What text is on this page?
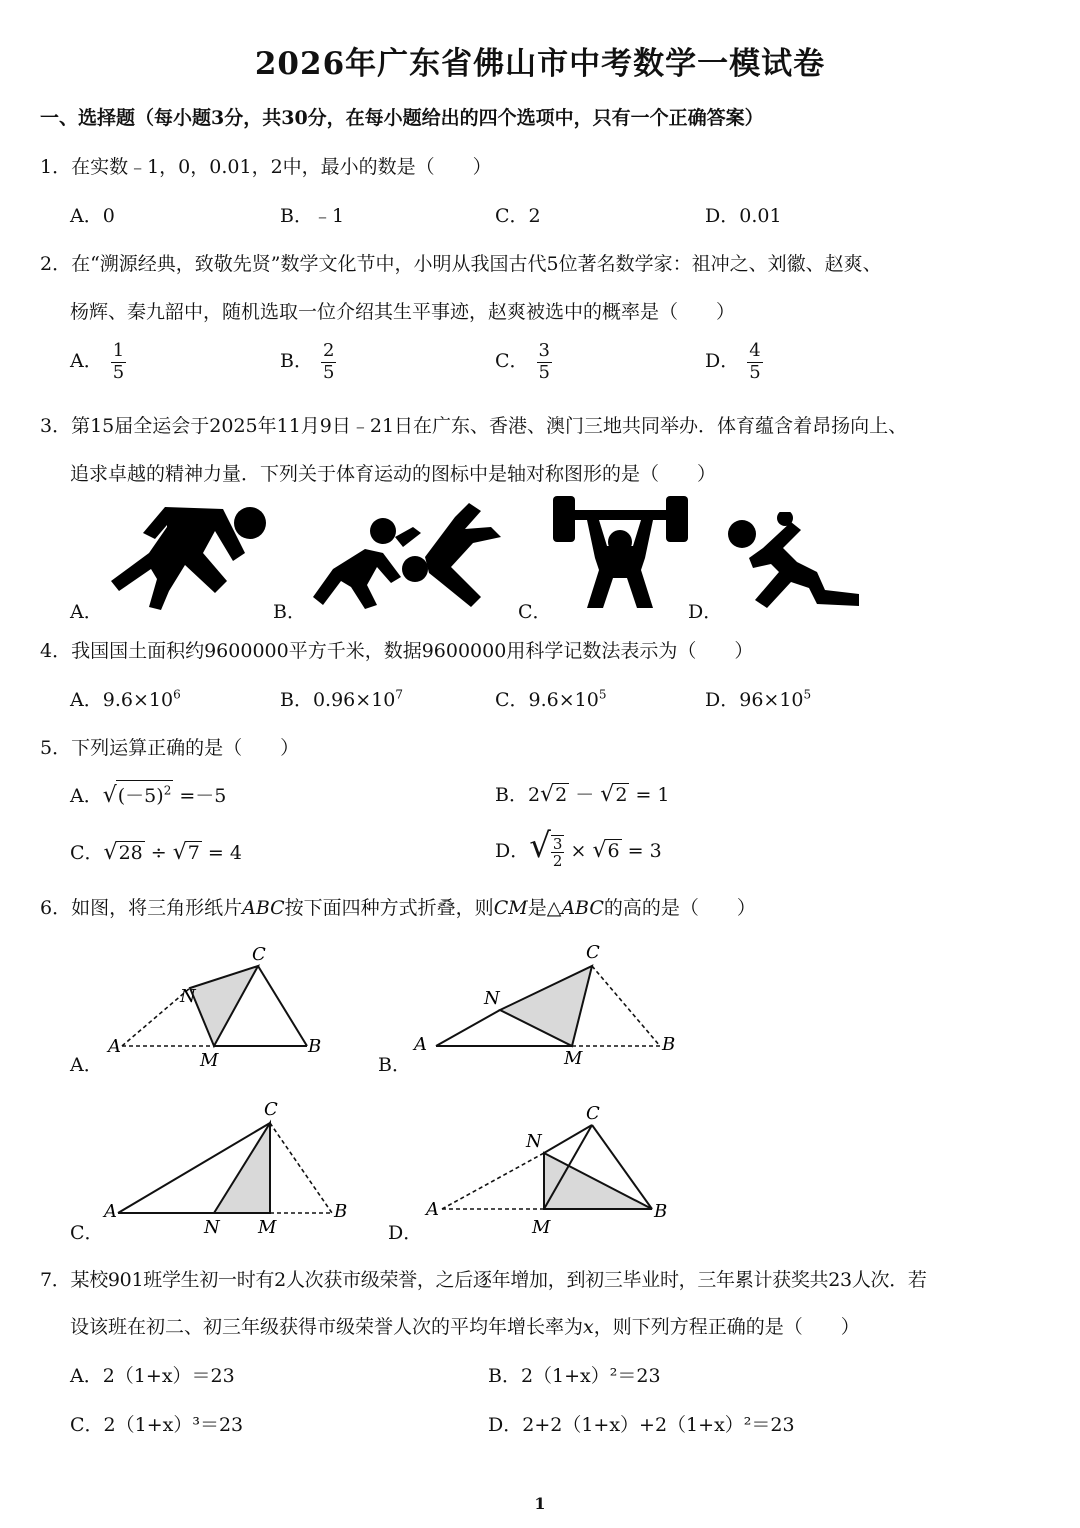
2026年广东省佛山市中考数学一模试卷
一、选择题（每小题3分，共30分，在每小题给出的四个选项中，只有一个正确答案）
1．在实数﹣1，0，0.01，2中，最小的数是（　　）
A．0	B．﹣1	C．2	D．0.01
2．在“溯源经典，致敬先贤”数学文化节中，小明从我国古代5位著名数学家：祖冲之、刘徽、赵爽、
杨辉、秦九韶中，随机选取一位介绍其生平事迹，赵爽被选中的概率是（　　）
A． $\frac{1}{5}$	B． $\frac{2}{5}$	C． $\frac{3}{5}$	D． $\frac{4}{5}$
3．第15届全运会于2025年11月9日﹣21日在广东、香港、澳门三地共同举办．体育蕴含着昂扬向上、
追求卓越的精神力量．下列关于体育运动的图标中是轴对称图形的是（　　）
A．	B．	C．	D．
4．我国国土面积约9600000平方千米，数据9600000用科学记数法表示为（　　）
A．$9.6\times 10^6$	B．$0.96\times 10^7$	C．$9.6\times 10^5$	D．$96\times 10^5$
5．下列运算正确的是（　　）
A．$√(-5)^2 =-5$	B．2√2 － √2 = 1
C．√28 ÷ √7 = 4	D．√ $\frac{3}{2} \times √6 = 3$
6．如图，将三角形纸片ABC按下面四种方式折叠，则CM是△ABC的高的是（　　）
A
M
B
C
N
A．
A
M
B
C
N
B．
A
N M
B
C
C．
A
M
B
C
N
D．
7．某校901班学生初一时有2人次获市级荣誉，之后逐年增加，到初三毕业时，三年累计获奖共23人次．若
设该班在初二、初三年级获得市级荣誉人次的平均年增长率为x，则下列方程正确的是（　　）
A．2（1+x）＝23	B．2（1+x）²＝23
C．2（1+x）³＝23	D．2+2（1+x）+2（1+x）²＝23
1
